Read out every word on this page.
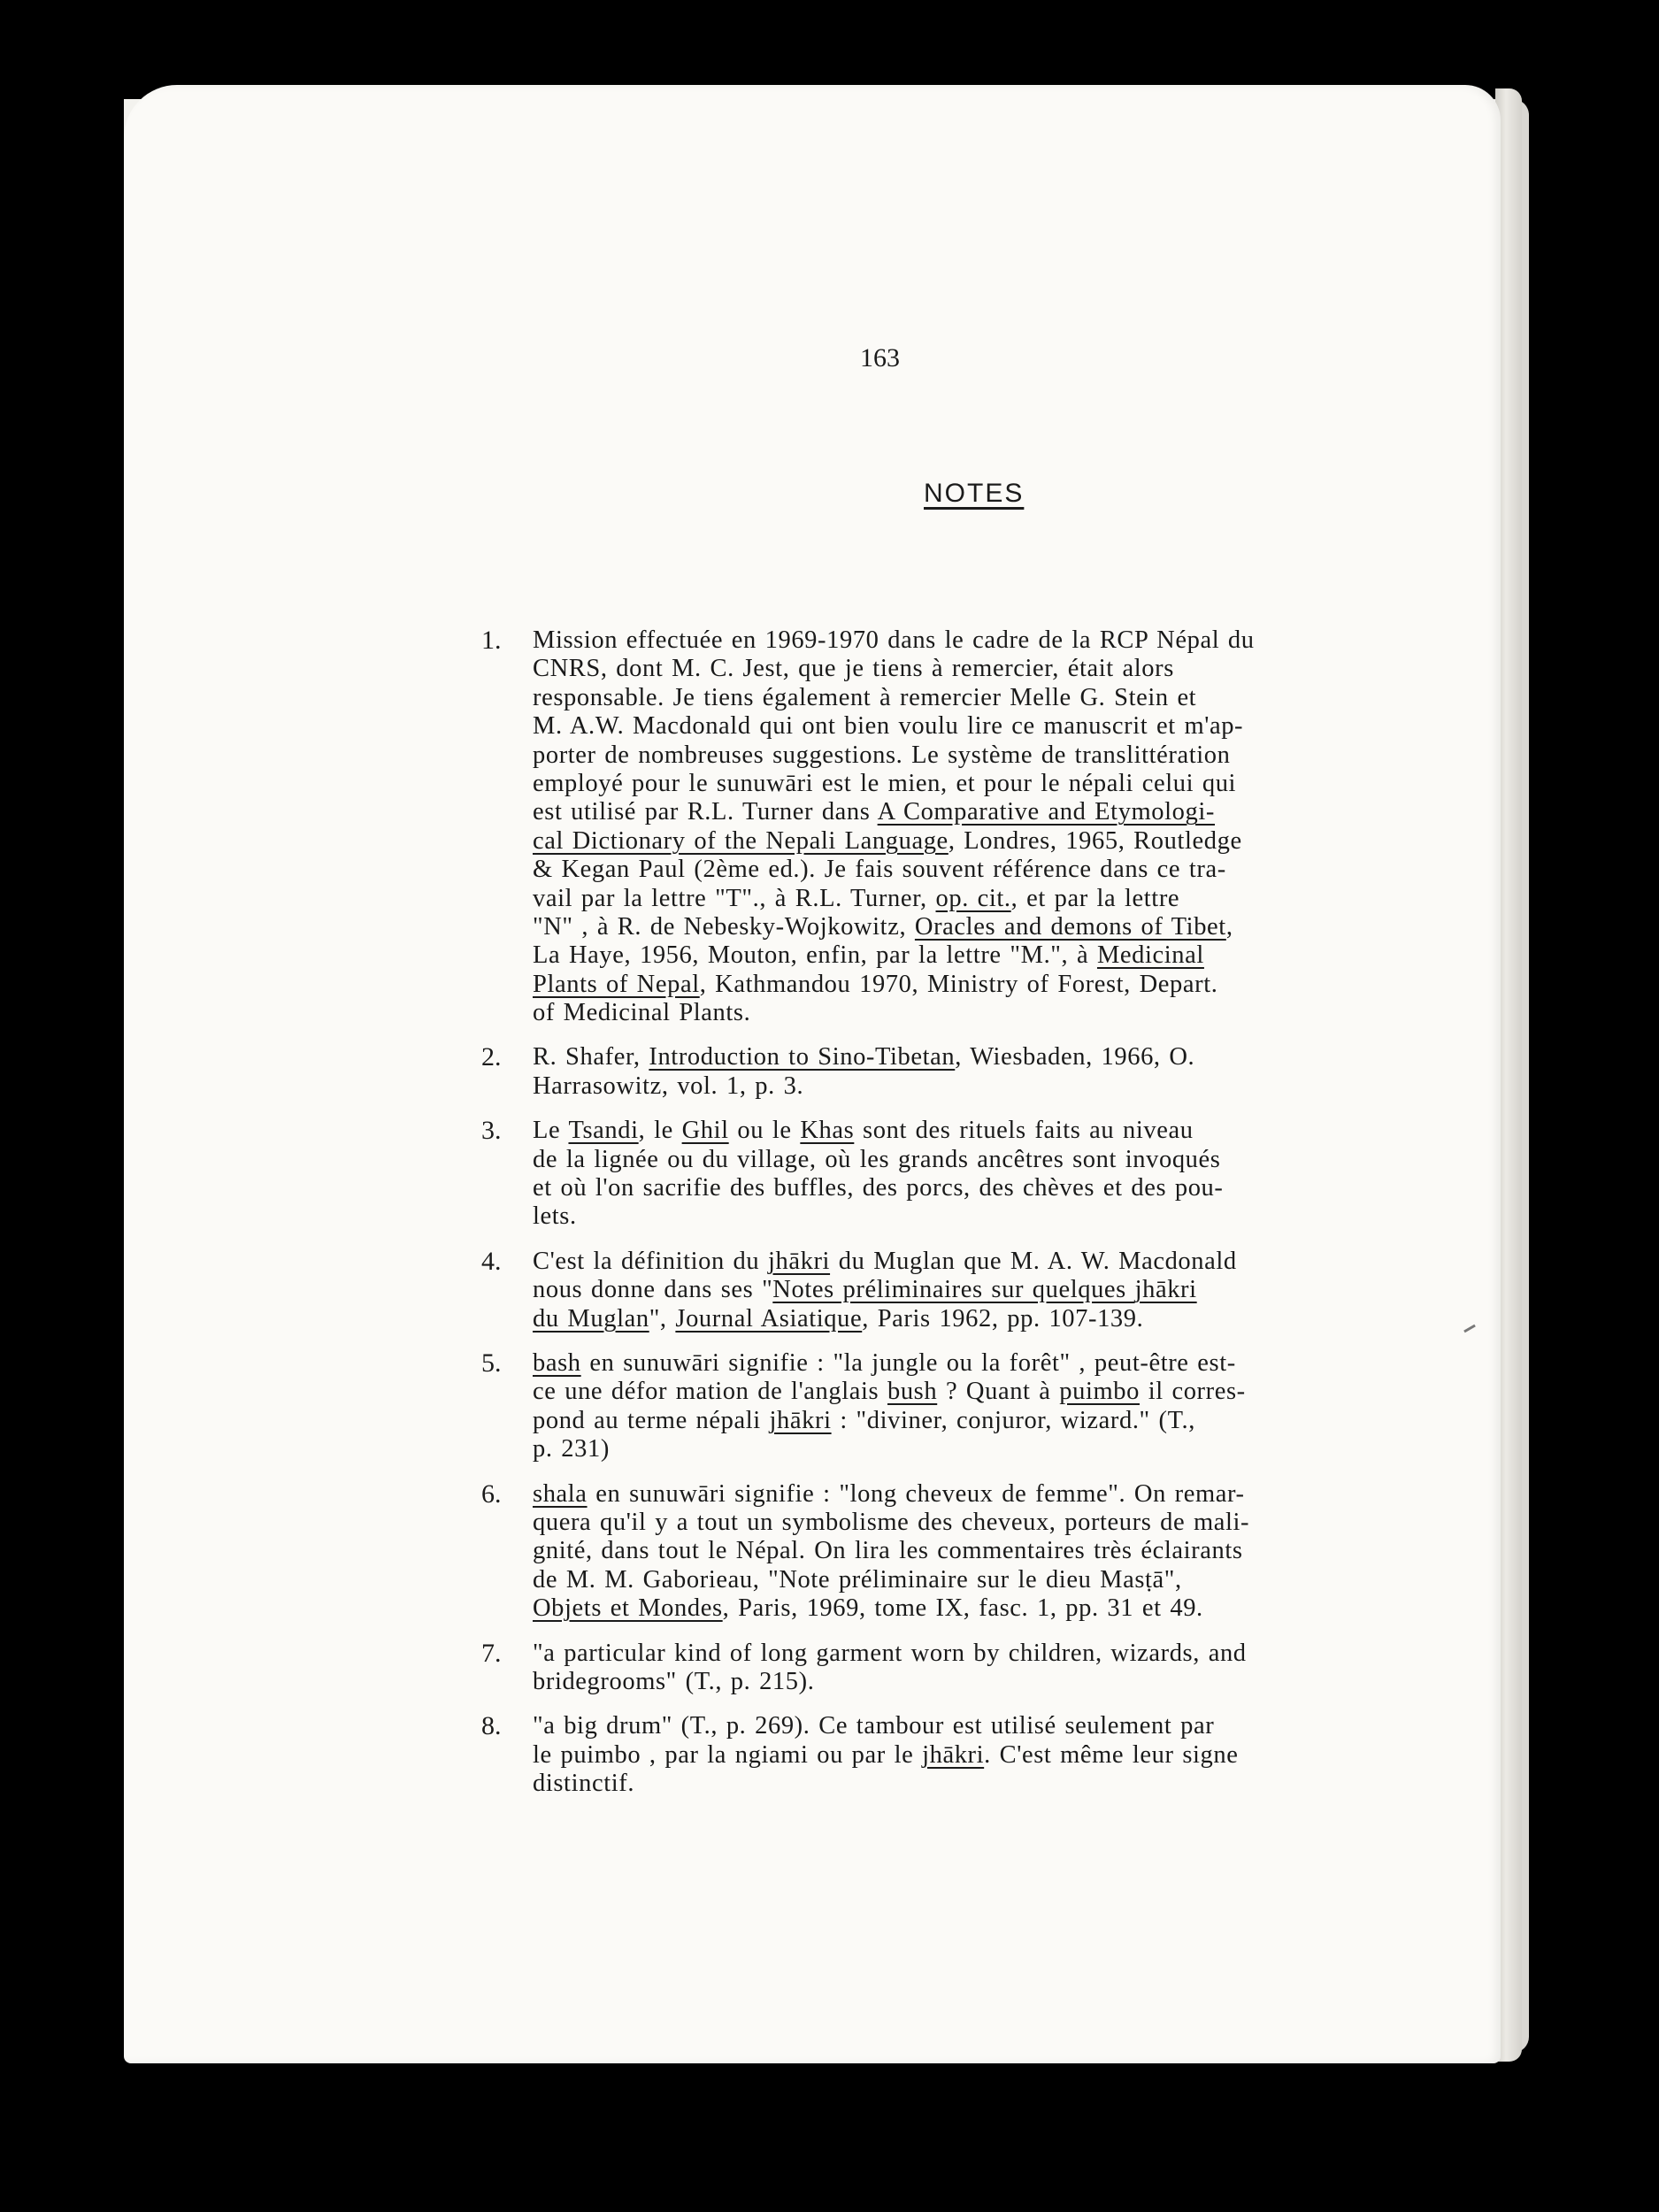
163
NOTES
1. Mission effectuée en 1969-1970 dans le cadre de la RCP Népal du
CNRS, dont M. C. Jest, que je tiens à remercier, était alors
responsable. Je tiens également à remercier Melle G. Stein et
M. A.W. Macdonald qui ont bien voulu lire ce manuscrit et m'ap-
porter de nombreuses suggestions. Le système de translittération
employé pour le sunuwāri est le mien, et pour le népali celui qui
est utilisé par R.L. Turner dans A Comparative and Etymologi-
cal Dictionary of the Nepali Language, Londres, 1965, Routledge
& Kegan Paul (2ème ed.). Je fais souvent référence dans ce tra-
vail par la lettre "T"., à R.L. Turner, op. cit., et par la lettre
"N" , à R. de Nebesky-Wojkowitz, Oracles and demons of Tibet,
La Haye, 1956, Mouton, enfin, par la lettre "M.", à Medicinal
Plants of Nepal, Kathmandou 1970, Ministry of Forest, Depart.
of Medicinal Plants.
2. R. Shafer, Introduction to Sino-Tibetan, Wiesbaden, 1966, O.
Harrasowitz, vol. 1, p. 3.
3. Le Tsandi, le Ghil ou le Khas sont des rituels faits au niveau
de la lignée ou du village, où les grands ancêtres sont invoqués
et où l'on sacrifie des buffles, des porcs, des chèves et des pou-
lets.
4. C'est la définition du jhākri du Muglan que M. A. W. Macdonald
nous donne dans ses "Notes préliminaires sur quelques jhākri
du Muglan", Journal Asiatique, Paris 1962, pp. 107-139.
5. bash en sunuwāri signifie : "la jungle ou la forêt" , peut-être est-
ce une défor mation de l'anglais bush ? Quant à puimbo il corres-
pond au terme népali jhākri : "diviner, conjuror, wizard." (T.,
p. 231)
6. shala en sunuwāri signifie : "long cheveux de femme". On remar-
quera qu'il y a tout un symbolisme des cheveux, porteurs de mali-
gnité, dans tout le Népal. On lira les commentaires très éclairants
de M. M. Gaborieau, "Note préliminaire sur le dieu Masṭā",
Objets et Mondes, Paris, 1969, tome IX, fasc. 1, pp. 31 et 49.
7. "a particular kind of long garment worn by children, wizards, and
bridegrooms" (T., p. 215).
8. "a big drum" (T., p. 269). Ce tambour est utilisé seulement par
le puimbo , par la ngiami ou par le jhākri. C'est même leur signe
distinctif.
